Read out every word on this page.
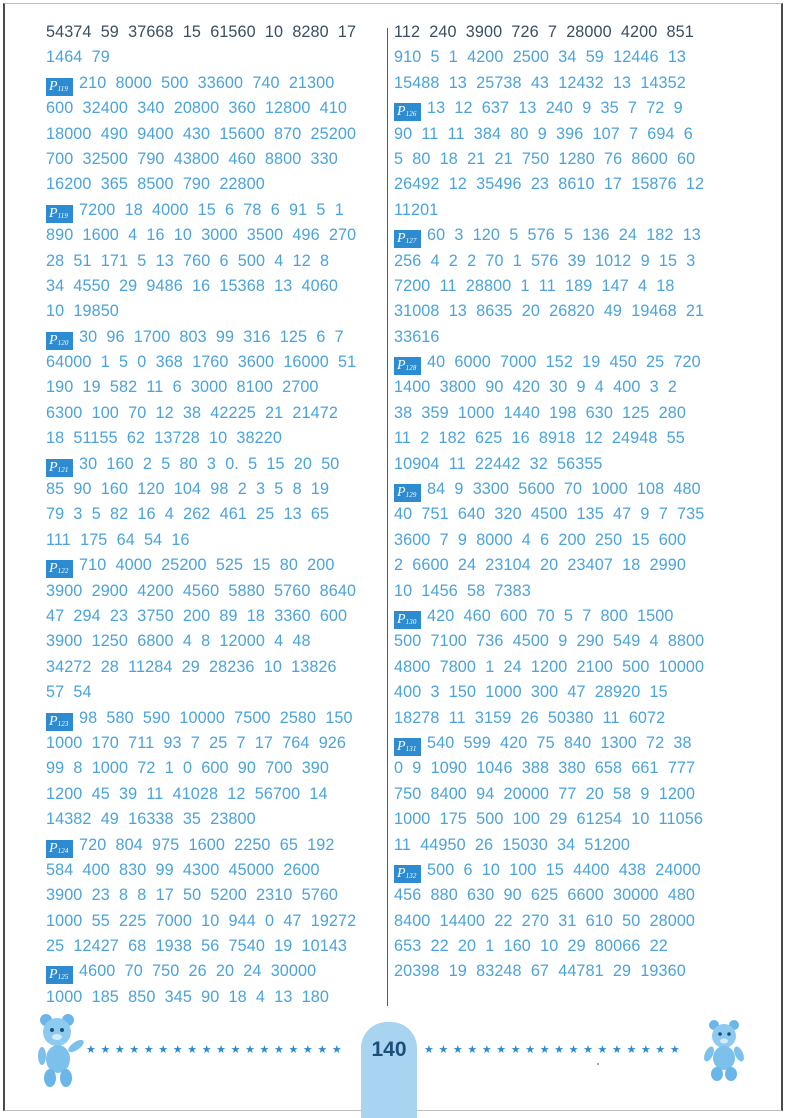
54374  59  37668  15  61560  10  8280  17
1464  79
$P_{119}$ 210  8000  500  33600  740  21300
600  32400  340  20800  360  12800  410
18000  490  9400  430  15600  870  25200
700  32500  790  43800  460  8800  330
16200  365  8500  790  22800
$P_{119}$ 7200  18  4000  15  6  78  6  91  5  1
890  1600  4  16  10  3000  3500  496  270
28  51  171  5  13  760  6  500  4  12  8
34  4550  29  9486  16  15368  13  4060
10  19850
$P_{120}$ 30  96  1700  803  99  316  125  6  7
64000  1  5  0  368  1760  3600  16000  51
190  19  582  11  6  3000  8100  2700
6300  100  70  12  38  42225  21  21472
18  51155  62  13728  10  38220
$P_{121}$ 30  160  2  5  80  3  0.  5  15  20  50
85  90  160  120  104  98  2  3  5  8  19
79  3  5  82  16  4  262  461  25  13  65
111  175  64  54  16
$P_{122}$ 710  4000  25200  525  15  80  200
3900  2900  4200  4560  5880  5760  8640
47  294  23  3750  200  89  18  3360  600
3900  1250  6800  4  8  12000  4  48
34272  28  11284  29  28236  10  13826
57  54
$P_{123}$ 98  580  590  10000  7500  2580  150
1000  170  711  93  7  25  7  17  764  926
99  8  1000  72  1  0  600  90  700  390
1200  45  39  11  41028  12  56700  14
14382  49  16338  35  23800
$P_{124}$ 720  804  975  1600  2250  65  192
584  400  830  99  4300  45000  2600
3900  23  8  8  17  50  5200  2310  5760
1000  55  225  7000  10  944  0  47  19272
25  12427  68  1938  56  7540  19  10143
$P_{125}$ 4600  70  750  26  20  24  30000
1000  185  850  345  90  18  4  13  180
112  240  3900  726  7  28000  4200  851
910  5  1  4200  2500  34  59  12446  13
15488  13  25738  43  12432  13  14352
$P_{126}$ 13  12  637  13  240  9  35  7  72  9
90  11  11  384  80  9  396  107  7  694  6
5  80  18  21  21  750  1280  76  8600  60
26492  12  35496  23  8610  17  15876  12
11201
$P_{127}$ 60  3  120  5  576  5  136  24  182  13
256  4  2  2  70  1  576  39  1012  9  15  3
7200  11  28800  1  11  189  147  4  18
31008  13  8635  20  26820  49  19468  21
33616
$P_{128}$ 40  6000  7000  152  19  450  25  720
1400  3800  90  420  30  9  4  400  3  2
38  359  1000  1440  198  630  125  280
11  2  182  625  16  8918  12  24948  55
10904  11  22442  32  56355
$P_{129}$ 84  9  3300  5600  70  1000  108  480
40  751  640  320  4500  135  47  9  7  735
3600  7  9  8000  4  6  200  250  15  600
2  6600  24  23104  20  23407  18  2990
10  1456  58  7383
$P_{130}$ 420  460  600  70  5  7  800  1500
500  7100  736  4500  9  290  549  4  8800
4800  7800  1  24  1200  2100  500  10000
400  3  150  1000  300  47  28920  15
18278  11  3159  26  50380  11  6072
$P_{131}$ 540  599  420  75  840  1300  72  38
0  9  1090  1046  388  380  658  661  777
750  8400  94  20000  77  20  58  9  1200
1000  175  500  100  29  61254  10  11056
11  44950  26  15030  34  51200
$P_{132}$ 500  6  10  100  15  4400  438  24000
456  880  630  90  625  6600  30000  480
8400  14400  22  270  31  610  50  28000
653  22  20  1  160  10  29  80066  22
20398  19  83248  67  44781  29  19360
★★★★★★★★★★★★★★★★★★	★★★★★★★★★★★★★★★★★★
140
